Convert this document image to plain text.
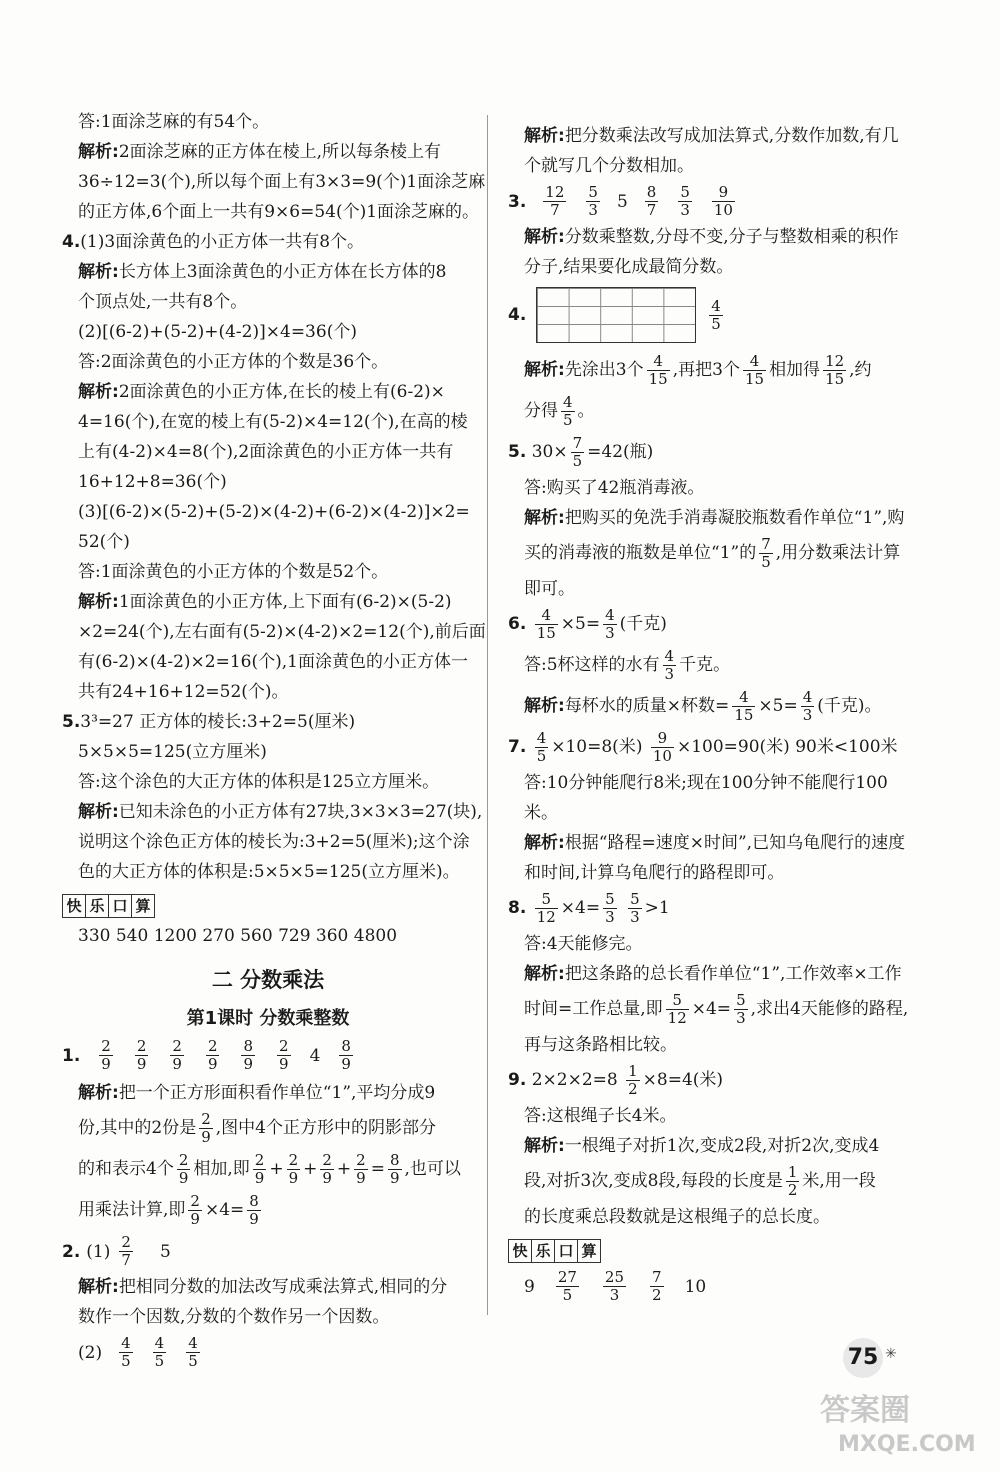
答:1面涂芝麻的有54个。
解析:2面涂芝麻的正方体在棱上,所以每条棱上有
36÷12=3(个),所以每个面上有3×3=9(个)1面涂芝麻
的正方体,6个面上一共有9×6=54(个)1面涂芝麻的。
4.(1)3面涂黄色的小正方体一共有8个。
解析:长方体上3面涂黄色的小正方体在长方体的8
个顶点处,一共有8个。
(2)[(6-2)+(5-2)+(4-2)]×4=36(个)
答:2面涂黄色的小正方体的个数是36个。
解析:2面涂黄色的小正方体,在长的棱上有(6-2)×
4=16(个),在宽的棱上有(5-2)×4=12(个),在高的棱
上有(4-2)×4=8(个),2面涂黄色的小正方体一共有
16+12+8=36(个)
(3)[(6-2)×(5-2)+(5-2)×(4-2)+(6-2)×(4-2)]×2=
52(个)
答:1面涂黄色的小正方体的个数是52个。
解析:1面涂黄色的小正方体,上下面有(6-2)×(5-2)
×2=24(个),左右面有(5-2)×(4-2)×2=12(个),前后面
有(6-2)×(4-2)×2=16(个),1面涂黄色的小正方体一
共有24+16+12=52(个)。
5.3³=27 正方体的棱长:3+2=5(厘米)
5×5×5=125(立方厘米)
答:这个涂色的大正方体的体积是125立方厘米。
解析:已知未涂色的小正方体有27块,3×3×3=27(块),
说明这个涂色正方体的棱长为:3+2=5(厘米);这个涂
色的大正方体的体积是:5×5×5=125(立方厘米)。
快 乐 口 算
330 540 1200 270 560 729 360 4800
二 分数乘法
第1课时 分数乘整数
1. $\frac{2}{9} \frac{2}{9} \frac{2}{9} \frac{2}{9} \frac{8}{9} \frac{2}{9} 4 \frac{8}{9}$
解析:把一个正方形面积看作单位“1”,平均分成9
份,其中的2份是 $\frac{2}{9}$ ,图中4个正方形中的阴影部分
的和表示4个 $\frac{2}{9}$ 相加,即 $\frac{2}{9} + \frac{2}{9} + \frac{2}{9} + \frac{2}{9} = \frac{8}{9}$ ,也可以
用乘法计算,即 $\frac{2}{9} \times 4= \frac{8}{9}$
2. $(1) \frac{2}{7} 5$
解析:把相同分数的加法改写成乘法算式,相同的分
数作一个因数,分数的个数作另一个因数。
$(2) \frac{4}{5} \frac{4}{5} \frac{4}{5}$
解析:把分数乘法改写成加法算式,分数作加数,有几
个就写几个分数相加。
3. $\frac{12}{7} \frac{5}{3} 5 \frac{8}{7} \frac{5}{3} \frac{9}{10}$
解析:分数乘整数,分母不变,分子与整数相乘的积作
分子,结果要化成最简分数。
4.	$\frac{4}{5}$
解析:先涂出3个 $\frac{4}{15}$ ,再把3个 $\frac{4}{15}$ 相加得 $\frac{12}{15}$ ,约
分得 $\frac{4}{5}$ 。
5. $30\times \frac{7}{5} =42$(瓶)
答:购买了42瓶消毒液。
解析:把购买的免洗手消毒凝胶瓶数看作单位“1”,购
买的消毒液的瓶数是单位“1”的 $\frac{7}{5}$ ,用分数乘法计算
即可。
6. $\frac{4}{15} \times 5= \frac{4}{3}$ (千克)
答:5杯这样的水有 $\frac{4}{3}$ 千克。
解析:每杯水的质量×杯数= $\frac{4}{15} \times 5= \frac{4}{3}$ (千克)。
7. $\frac{4}{5} \times 10=8$(米) $\frac{9}{10} \times 100=90$(米) 90米<100米
答:10分钟能爬行8米;现在100分钟不能爬行100
米。
解析:根据“路程=速度×时间”,已知乌龟爬行的速度
和时间,计算乌龟爬行的路程即可。
8. $\frac{5}{12} \times 4= \frac{5}{3}$
$\frac{5}{3} >1$
答:4天能修完。
解析:把这条路的总长看作单位“1”,工作效率×工作
时间=工作总量,即 $\frac{5}{12} \times 4= \frac{5}{3}$ ,求出4天能修的路程,
再与这条路相比较。
9. $2\times 2\times 2=8 \frac{1}{2} \times 8=4$(米)
答:这根绳子长4米。
解析:一根绳子对折1次,变成2段,对折2次,变成4
段,对折3次,变成8段,每段的长度是 $\frac{1}{2}$ 米,用一段
的长度乘总段数就是这根绳子的总长度。
快 乐 口 算
$9 \frac{27}{5} \frac{25}{3} \frac{7}{2} 10$
75 ✳
答案圈
MXQE.COM
